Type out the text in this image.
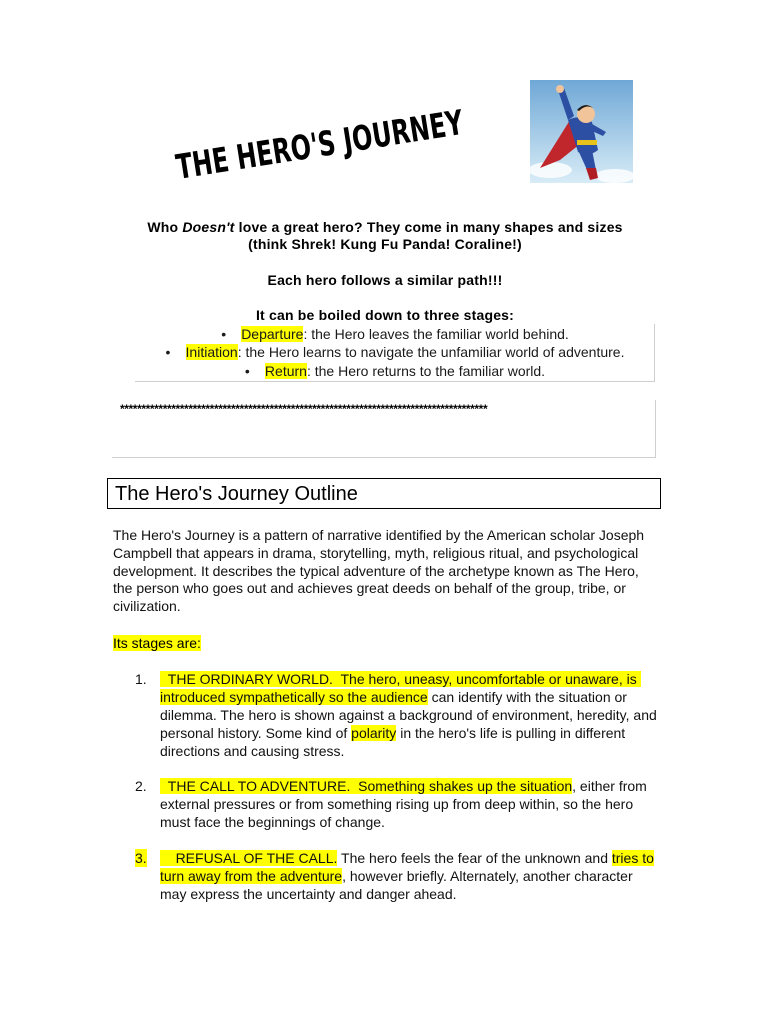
THE HERO'S JOURNEY
Who Doesn't love a great hero? They come in many shapes and sizes
(think Shrek! Kung Fu Panda! Coraline!)
Each hero follows a similar path!!!
It can be boiled down to three stages:
• Departure: the Hero leaves the familiar world behind.
• Initiation: the Hero learns to navigate the unfamiliar world of adventure.
• Return: the Hero returns to the familiar world.
**************************************************************************************
The Hero's Journey Outline
The Hero's Journey is a pattern of narrative identified by the American scholar Joseph Campbell that appears in drama, storytelling, myth, religious ritual, and psychological development. It describes the typical adventure of the archetype known as The Hero, the person who goes out and achieves great deeds on behalf of the group, tribe, or civilization.
Its stages are:
1. THE ORDINARY WORLD.  The hero, uneasy, uncomfortable or unaware, is introduced sympathetically so the audience can identify with the situation or dilemma. The hero is shown against a background of environment, heredity, and personal history. Some kind of polarity in the hero's life is pulling in different directions and causing stress.
2. THE CALL TO ADVENTURE.  Something shakes up the situation, either from external pressures or from something rising up from deep within, so the hero must face the beginnings of change.
3. REFUSAL OF THE CALL. The hero feels the fear of the unknown and tries to turn away from the adventure, however briefly. Alternately, another character may express the uncertainty and danger ahead.
